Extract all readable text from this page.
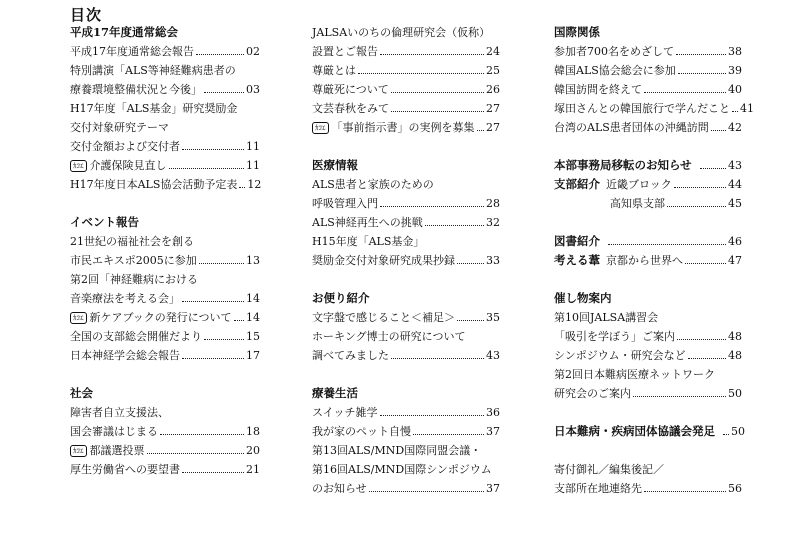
目次
平成17年度通常総会
平成17年度通常総会報告	02
特別講演「ALS等神経難病患者の
療養環境整備状況と今後」	03
H17年度「ALS基金」研究奨励金
交付対象研究テーマ
交付金額および交付者	11
ｶｺｴ 介護保険見直し	11
H17年度日本ALS協会活動予定表 12
イベント報告
21世紀の福祉社会を創る
市民エキスポ2005に参加	13
第2回「神経難病における
音楽療法を考える会」	14
ｶｺｴ 新ケアブックの発行について 14
全国の支部総会開催だより	15
日本神経学会総会報告	17
社会
障害者自立支援法、
国会審議はじまる	18
ｶｺｴ 都議選投票	20
厚生労働省への要望書	21
JALSAいのちの倫理研究会（仮称）
設置とご報告	24
尊厳とは	25
尊厳死について	26
文芸春秋をみて	27
ｶｺｴ 「事前指示書」の実例を募集 27
医療情報
ALS患者と家族のための
呼吸管理入門	28
ALS神経再生への挑戦	32
H15年度「ALS基金」
奨励金交付対象研究成果抄録	33
お便り紹介
文字盤で感じること＜補足＞	35
ホーキング博士の研究について
調べてみました	43
療養生活
スイッチ雑学	36
我が家のペット自慢	37
第13回ALS/MND国際同盟会議・
第16回ALS/MND国際シンポジウム
のお知らせ	37
国際関係
参加者700名をめざして	38
韓国ALS協会総会に参加	39
韓国訪問を終えて	40
塚田さんとの韓国旅行で学んだこと 41
台湾のALS患者団体の沖縄訪問 42
本部事務局移転のお知らせ	43
支部紹介 近畿ブロック	44
高知県支部	45
図書紹介	46
考える葦 京都から世界へ	47
催し物案内
第10回JALSA講習会
「吸引を学ぼう」ご案内	48
シンポジウム・研究会など	48
第2回日本難病医療ネットワーク
研究会のご案内	50
日本難病・疾病団体協議会発足 50
寄付御礼／編集後記／
支部所在地連絡先	56
